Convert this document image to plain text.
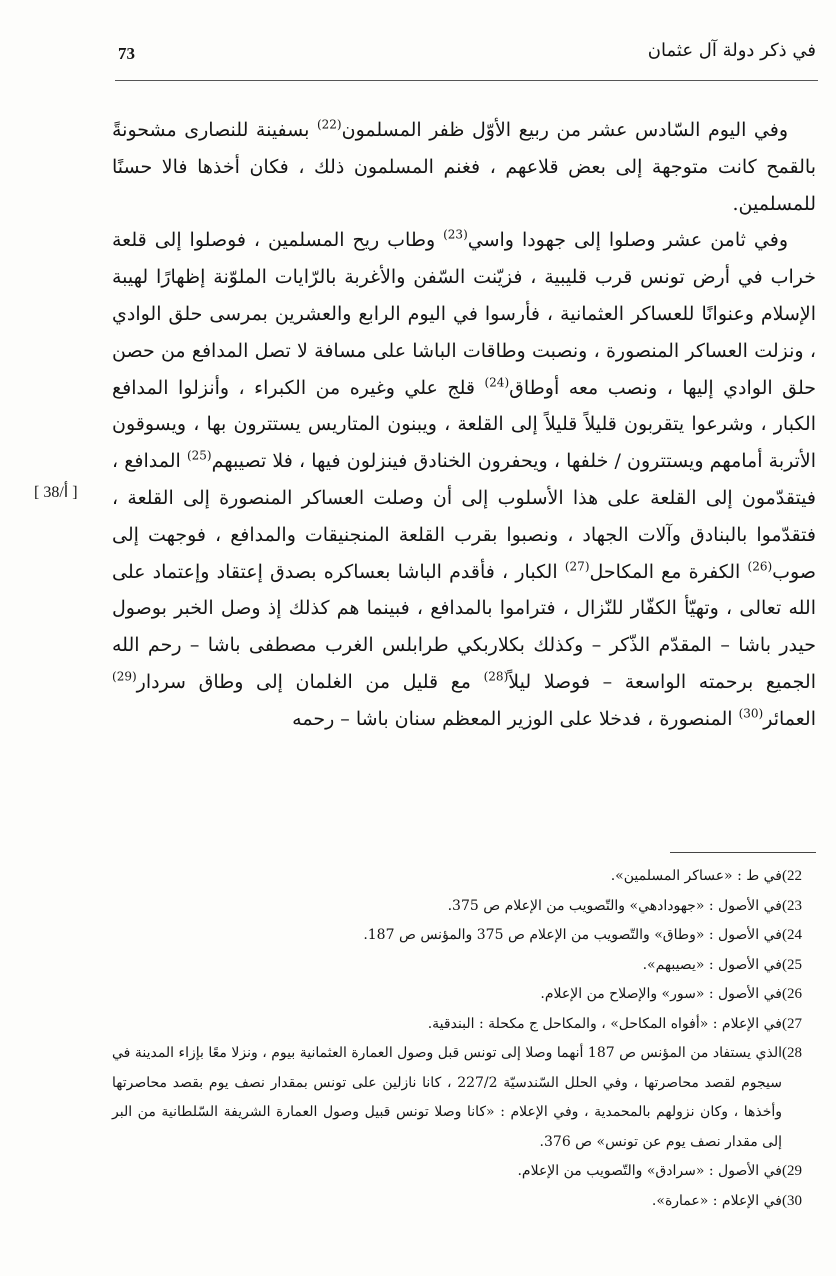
73	في ذكر دولة آل عثمان
[ 38/أ ]

وفي اليوم السّادس عشر من ربيع الأوّل ظفر المسلمون$^{(22)}$ بسفينة للنصارى مشحونةً بالقمح كانت متوجهة إلى بعض قلاعهم ، فغنم المسلمون ذلك ، فكان أخذها فالا حسنًا للمسلمين.

وفي ثامن عشر وصلوا إلى جهودا واسي$^{(23)}$ وطاب ريح المسلمين ، فوصلوا إلى قلعة خراب في أرض تونس قرب قليبية ، فزيّنت السّفن والأغربة بالرّايات الملوّنة إظهارًا لهيبة الإسلام وعنوانًا للعساكر العثمانية ، فأرسوا في اليوم الرابع والعشرين بمرسى حلق الوادي ، ونزلت العساكر المنصورة ، ونصبت وطاقات الباشا على مسافة لا تصل المدافع من حصن حلق الوادي إليها ، ونصب معه أوطاق$^{(24)}$ قلج علي وغيره من الكبراء ، وأنزلوا المدافع الكبار ، وشرعوا يتقربون قليلاً قليلاً إلى القلعة ، ويبنون المتاريس يستترون بها ، ويسوقون الأتربة أمامهم ويستترون / خلفها ، ويحفرون الخنادق فينزلون فيها ، فلا تصيبهم$^{(25)}$ المدافع ، فيتقدّمون إلى القلعة على هذا الأسلوب إلى أن وصلت العساكر المنصورة إلى القلعة ، فتقدّموا بالبنادق وآلات الجهاد ، ونصبوا بقرب القلعة المنجنيقات والمدافع ، فوجهت إلى صوب$^{(26)}$ الكفرة مع المكاحل$^{(27)}$ الكبار ، فأقدم الباشا بعساكره بصدق إعتقاد وإعتماد على الله تعالى ، وتهيّأ الكفّار للنّزال ، فتراموا بالمدافع ، فبينما هم كذلك إذ وصل الخبر بوصول حيدر باشا – المقدّم الذّكر – وكذلك بكلاربكي طرابلس الغرب مصطفى باشا – رحم الله الجميع برحمته الواسعة – فوصلا ليلاً$^{(28)}$ مع قليل من الغلمان إلى وطاق سردار$^{(29)}$ العمائر$^{(30)}$ المنصورة ، فدخلا على الوزير المعظم سنان باشا – رحمه

(22
في ط : «عساكر المسلمين».
(23
في الأصول : «جهودادهي» والتّصويب من الإعلام ص 375.
(24
في الأصول : «وطاق» والتّصويب من الإعلام ص 375 والمؤنس ص 187.
(25
في الأصول : «يصيبهم».
(26
في الأصول : «سور» والإصلاح من الإعلام.
(27
في الإعلام : «أفواه المكاحل» ، والمكاحل ج مكحلة : البندقية.
(28
الذي يستفاد من المؤنس ص 187 أنهما وصلا إلى تونس قبل وصول العمارة العثمانية بيوم ، ونزلا معًا بإزاء المدينة في سيجوم لقصد محاصرتها ، وفي الحلل السّندسيّة 227/2 ، كانا نازلين على تونس بمقدار نصف يوم بقصد محاصرتها وأخذها ، وكان نزولهم بالمحمدية ، وفي الإعلام : «كانا وصلا تونس قبيل وصول العمارة الشريفة السّلطانية من البر إلى مقدار نصف يوم عن تونس» ص 376.
(29
في الأصول : «سرادق» والتّصويب من الإعلام.
(30
في الإعلام : «عمارة».
